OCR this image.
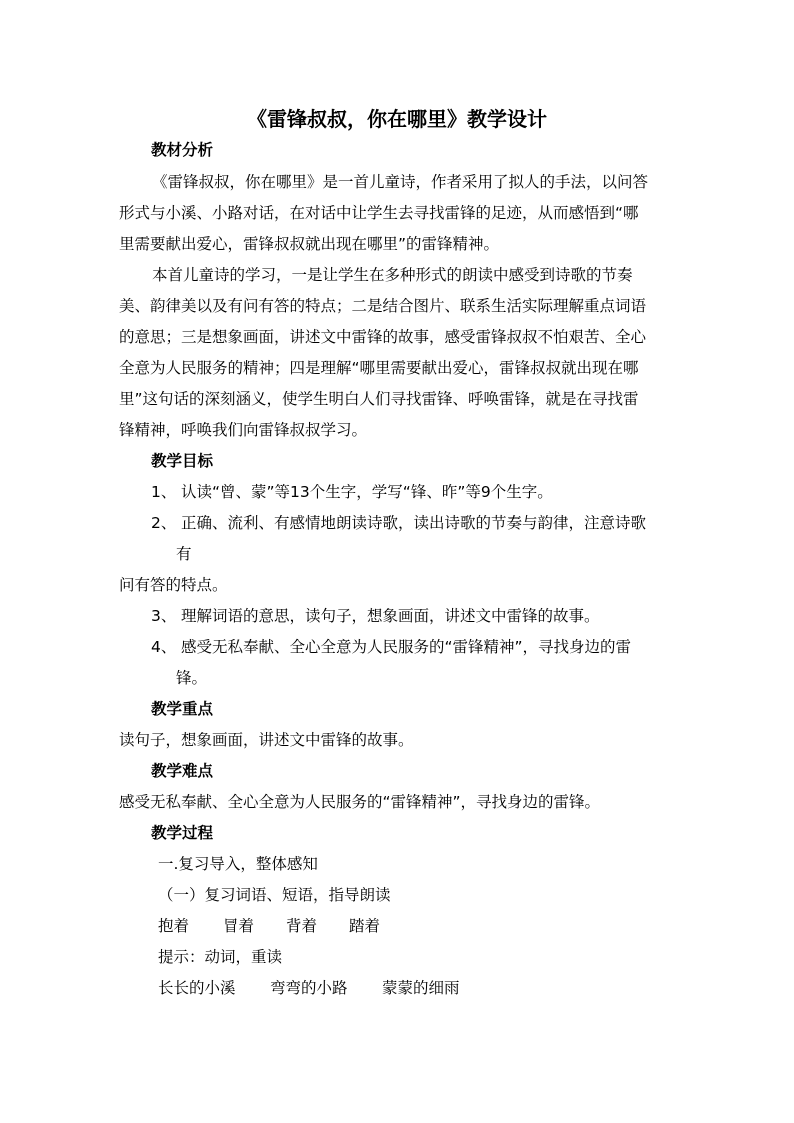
《雷锋叔叔，你在哪里》教学设计
教材分析
《雷锋叔叔，你在哪里》是一首儿童诗，作者采用了拟人的手法，以问答
形式与小溪、小路对话，在对话中让学生去寻找雷锋的足迹，从而感悟到“哪
里需要献出爱心，雷锋叔叔就出现在哪里”的雷锋精神。
本首儿童诗的学习，一是让学生在多种形式的朗读中感受到诗歌的节奏
美、韵律美以及有问有答的特点；二是结合图片、联系生活实际理解重点词语
的意思；三是想象画面，讲述文中雷锋的故事，感受雷锋叔叔不怕艰苦、全心
全意为人民服务的精神；四是理解“哪里需要献出爱心，雷锋叔叔就出现在哪
里”这句话的深刻涵义，使学生明白人们寻找雷锋、呼唤雷锋，就是在寻找雷
锋精神，呼唤我们向雷锋叔叔学习。
教学目标
1、 认读“曾、蒙”等13个生字，学写“锋、昨”等9个生字。
2、 正确、流利、有感情地朗读诗歌，读出诗歌的节奏与韵律，注意诗歌
有
问有答的特点。
3、 理解词语的意思，读句子，想象画面，讲述文中雷锋的故事。
4、 感受无私奉献、全心全意为人民服务的“雷锋精神”，寻找身边的雷
锋。
教学重点
读句子，想象画面，讲述文中雷锋的故事。
教学难点
感受无私奉献、全心全意为人民服务的“雷锋精神”，寻找身边的雷锋。
教学过程
一.复习导入，整体感知
（一）复习词语、短语，指导朗读
抱着 冒着 背着 踏着
提示：动词，重读
长长的小溪 弯弯的小路 蒙蒙的细雨
